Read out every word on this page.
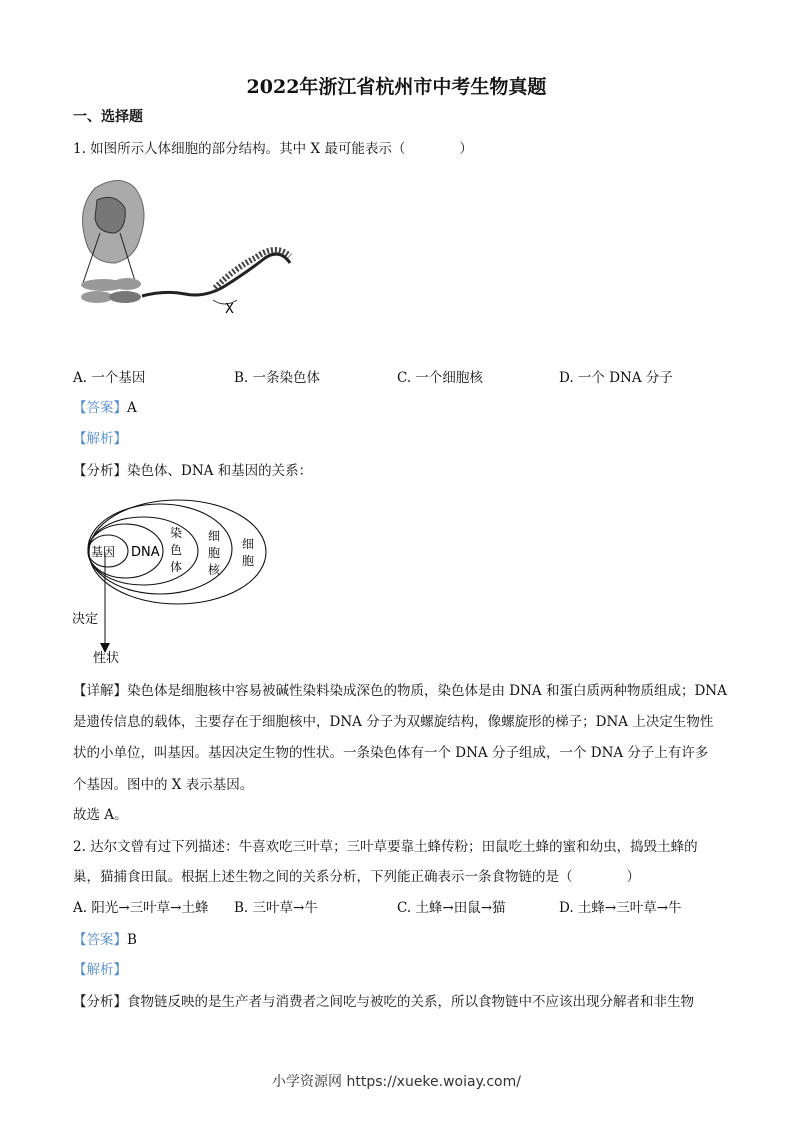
2022年浙江省杭州市中考生物真题
一、选择题
1. 如图所示人体细胞的部分结构。其中 X 最可能表示（　　　　）
X
A. 一个基因	B. 一条染色体	C. 一个细胞核	D. 一个 DNA 分子
【答案】A
【解析】
【分析】染色体、DNA 和基因的关系：
基因 DNA
染色体
细胞核
细胞
决定
性状
【详解】染色体是细胞核中容易被碱性染料染成深色的物质，染色体是由 DNA 和蛋白质两种物质组成；DNA
是遗传信息的载体，主要存在于细胞核中，DNA 分子为双螺旋结构，像螺旋形的梯子；DNA 上决定生物性
状的小单位，叫基因。基因决定生物的性状。一条染色体有一个 DNA 分子组成，一个 DNA 分子上有许多
个基因。图中的 X 表示基因。
故选 A。
2. 达尔文曾有过下列描述：牛喜欢吃三叶草；三叶草要靠土蜂传粉；田鼠吃土蜂的蜜和幼虫，捣毁土蜂的
巢，猫捕食田鼠。根据上述生物之间的关系分析，下列能正确表示一条食物链的是（　　　　）
A. 阳光→三叶草→土蜂 B. 三叶草→牛	C. 土蜂→田鼠→猫	D. 土蜂→三叶草→牛
【答案】B
【解析】
【分析】食物链反映的是生产者与消费者之间吃与被吃的关系，所以食物链中不应该出现分解者和非生物
小学资源网 https://xueke.woiay.com/
